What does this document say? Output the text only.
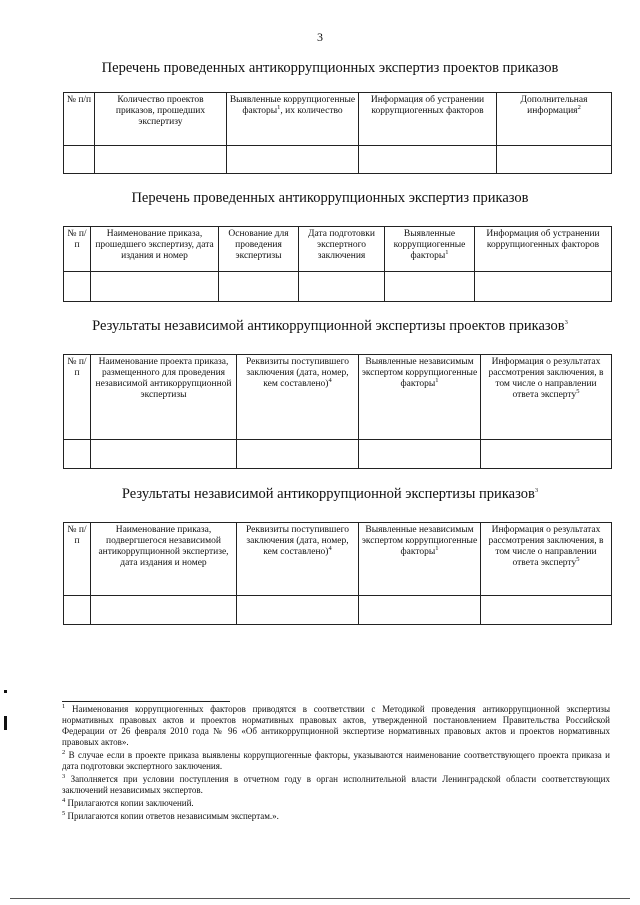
3
Перечень проведенных антикоррупционных экспертиз проектов приказов
№ п/п	Количество проектов приказов, прошедших экспертизу	Выявленные коррупциогенные факторы$^1$, их количество	Информация об устранении коррупциогенных факторов	Дополнительная информация$^2$

Перечень проведенных антикоррупционных экспертиз приказов
№ п/п	Наименование приказа, прошедшего экспертизу, дата издания и номер	Основание для проведения экспертизы	Дата подготовки экспертного заключения	Выявленные коррупциогенные факторы$^1$	Информация об устранении коррупциогенных факторов

Результаты независимой антикоррупционной экспертизы проектов приказов$^3$
№ п/п	Наименование проекта приказа, размещенного для проведения независимой антикоррупционной экспертизы	Реквизиты поступившего заключения (дата, номер, кем составлено)$^4$	Выявленные независимым экспертом коррупциогенные факторы$^1$	Информация о результатах рассмотрения заключения, в том числе о направлении ответа эксперту$^5$

Результаты независимой антикоррупционной экспертизы приказов$^3$
№ п/п	Наименование приказа, подвергшегося независимой антикоррупционной экспертизе, дата издания и номер	Реквизиты поступившего заключения (дата, номер, кем составлено)$^4$	Выявленные независимым экспертом коррупциогенные факторы$^1$	Информация о результатах рассмотрения заключения, в том числе о направлении ответа эксперту$^5$

$^1$ Наименования коррупциогенных факторов приводятся в соответствии с Методикой проведения антикоррупционной экспертизы нормативных правовых актов и проектов нормативных правовых актов, утвержденной постановлением Правительства Российской Федерации от 26 февраля 2010 года № 96 «Об антикоррупционной экспертизе нормативных правовых актов и проектов нормативных правовых актов».

$^2$ В случае если в проекте приказа выявлены коррупциогенные факторы, указываются наименование соответствующего проекта приказа и дата подготовки экспертного заключения.

$^3$ Заполняется при условии поступления в отчетном году в орган исполнительной власти Ленинградской области соответствующих заключений независимых экспертов.

$^4$ Прилагаются копии заключений.

$^5$ Прилагаются копии ответов независимым экспертам.».
